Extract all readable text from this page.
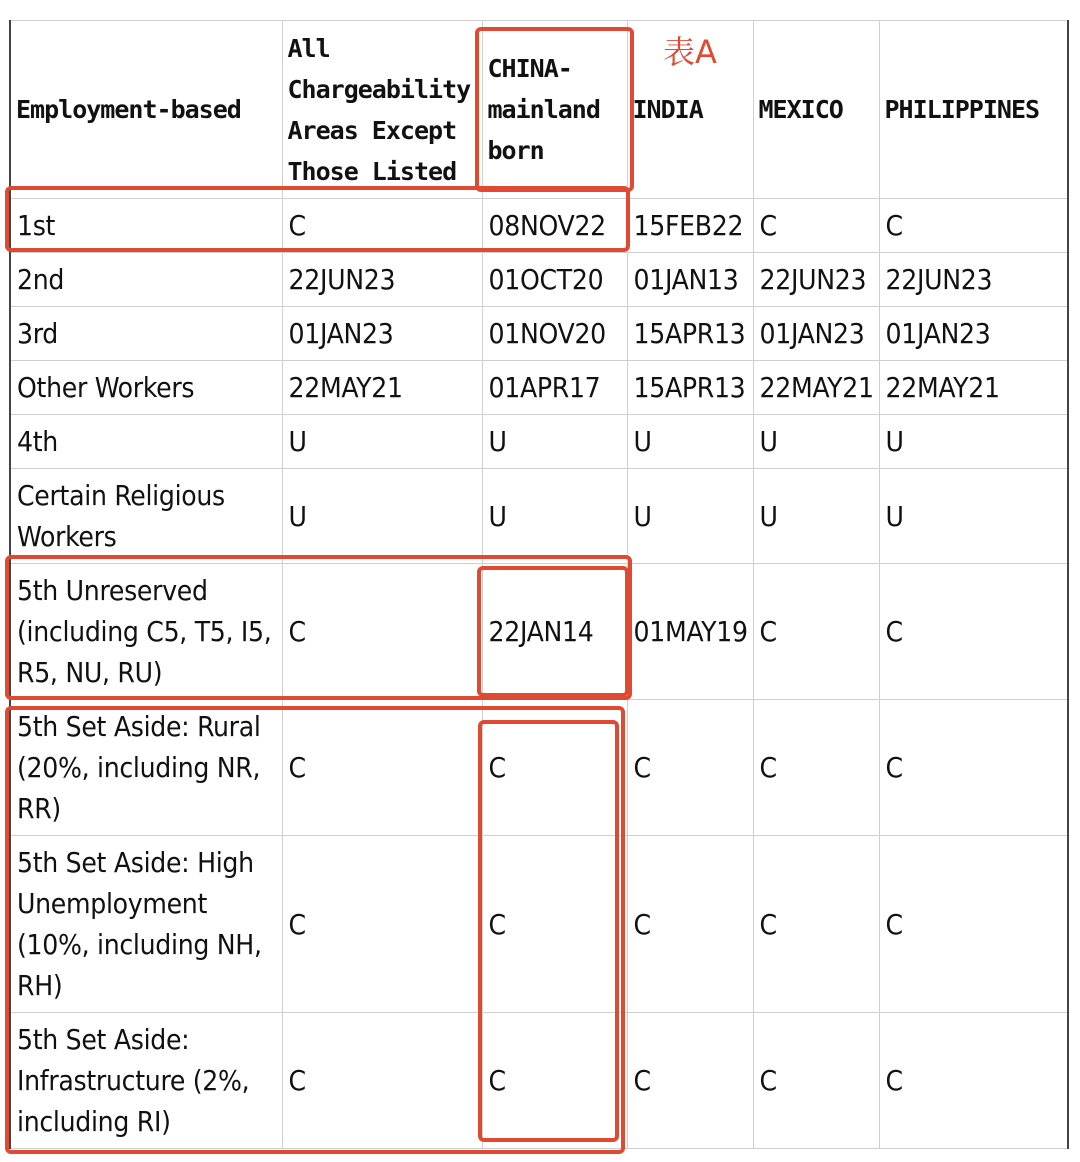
Employment-based	All Chargeability Areas Except Those Listed	CHINA-mainland born	INDIA	MEXICO	PHILIPPINES
1st	C	08NOV22	15FEB22	C	C
2nd	22JUN23	01OCT20	01JAN13	22JUN23	22JUN23
3rd	01JAN23	01NOV20	15APR13	01JAN23	01JAN23
Other Workers	22MAY21	01APR17	15APR13	22MAY21	22MAY21
4th	U	U	U	U	U
Certain Religious Workers	U	U	U	U	U
5th Unreserved (including C5, T5, I5, R5, NU, RU)	C	22JAN14	01MAY19	C	C
5th Set Aside: Rural (20%, including NR, RR)	C	C	C	C	C
5th Set Aside: High Unemployment (10%, including NH, RH)	C	C	C	C	C
5th Set Aside: Infrastructure (2%, including RI)	C	C	C	C	C
表A
